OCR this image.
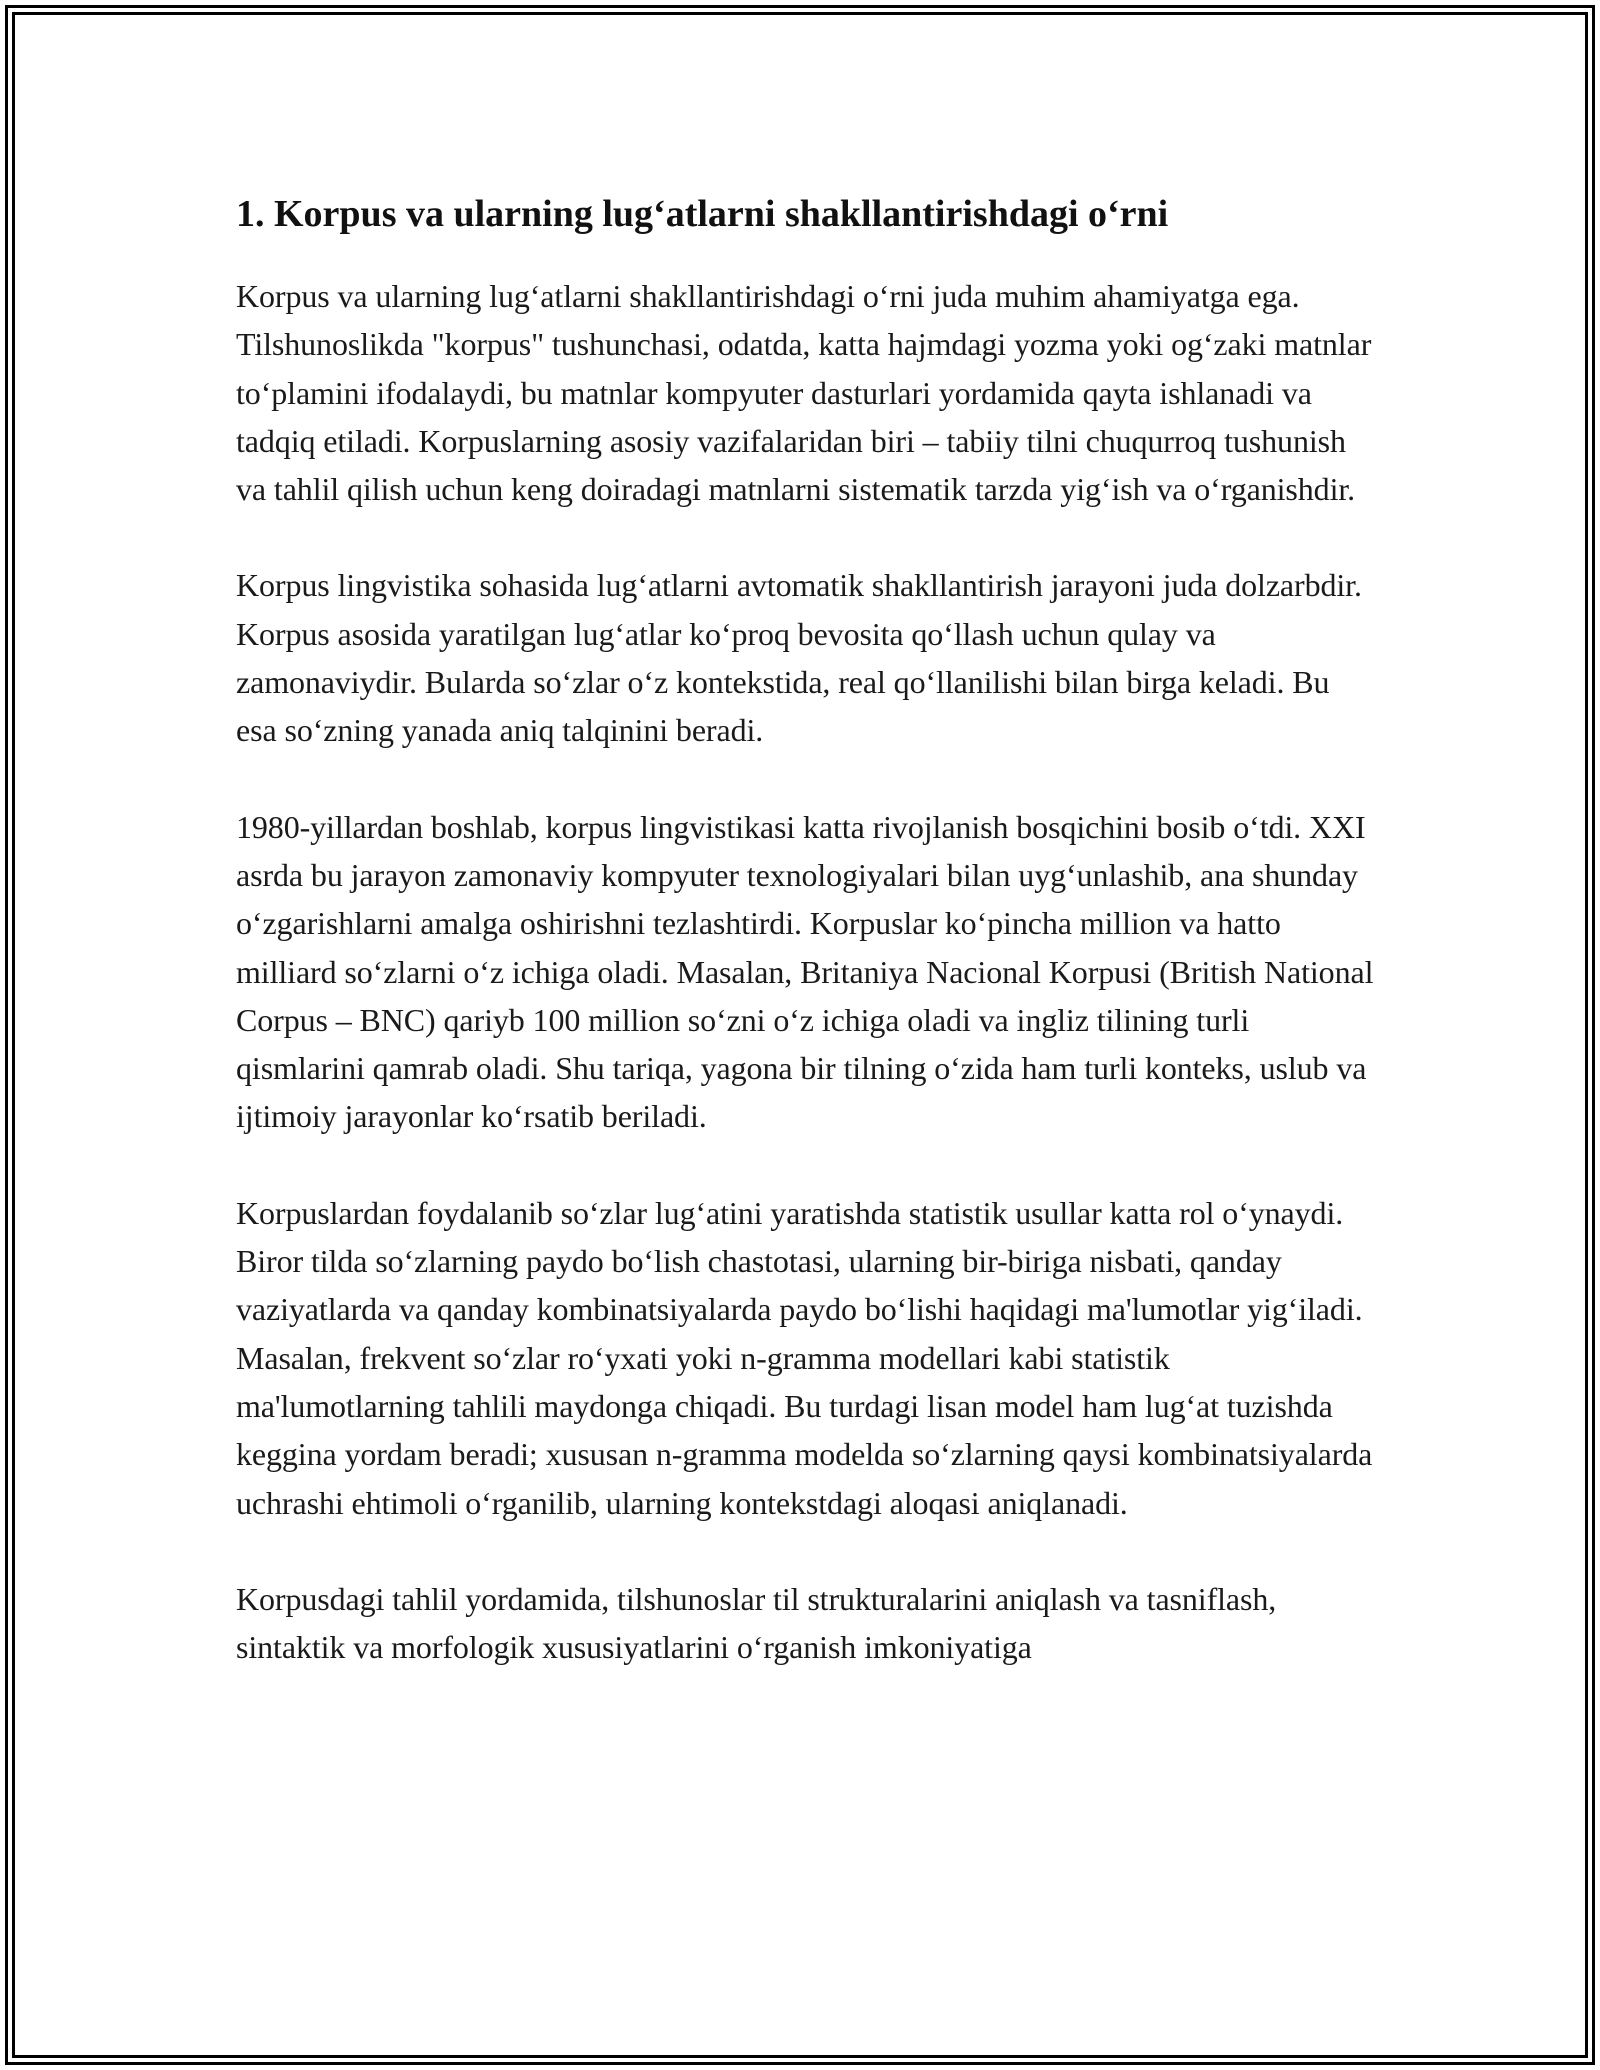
1. Korpus va ularning lug‘atlarni shakllantirishdagi o‘rni

Korpus va ularning lug‘atlarni shakllantirishdagi o‘rni juda muhim ahamiyatga ega. Tilshunoslikda "korpus" tushunchasi, odatda, katta hajmdagi yozma yoki og‘zaki matnlar to‘plamini ifodalaydi, bu matnlar kompyuter dasturlari yordamida qayta ishlanadi va tadqiq etiladi. Korpuslarning asosiy vazifalaridan biri – tabiiy tilni chuqurroq tushunish va tahlil qilish uchun keng doiradagi matnlarni sistematik tarzda yig‘ish va o‘rganishdir.

Korpus lingvistika sohasida lug‘atlarni avtomatik shakllantirish jarayoni juda dolzarbdir. Korpus asosida yaratilgan lug‘atlar ko‘proq bevosita qo‘llash uchun qulay va zamonaviydir. Bularda so‘zlar o‘z kontekstida, real qo‘llanilishi bilan birga keladi. Bu esa so‘zning yanada aniq talqinini beradi.

1980-yillardan boshlab, korpus lingvistikasi katta rivojlanish bosqichini bosib o‘tdi. XXI asrda bu jarayon zamonaviy kompyuter texnologiyalari bilan uyg‘unlashib, ana shunday o‘zgarishlarni amalga oshirishni tezlashtirdi. Korpuslar ko‘pincha million va hatto milliard so‘zlarni o‘z ichiga oladi. Masalan, Britaniya Nacional Korpusi (British National Corpus – BNC) qariyb 100 million so‘zni o‘z ichiga oladi va ingliz tilining turli qismlarini qamrab oladi. Shu tariqa, yagona bir tilning o‘zida ham turli konteks, uslub va ijtimoiy jarayonlar ko‘rsatib beriladi.

Korpuslardan foydalanib so‘zlar lug‘atini yaratishda statistik usullar katta rol o‘ynaydi. Biror tilda so‘zlarning paydo bo‘lish chastotasi, ularning bir-biriga nisbati, qanday vaziyatlarda va qanday kombinatsiyalarda paydo bo‘lishi haqidagi ma'lumotlar yig‘iladi. Masalan, frekvent so‘zlar ro‘yxati yoki n-gramma modellari kabi statistik ma'lumotlarning tahlili maydonga chiqadi. Bu turdagi lisan model ham lug‘at tuzishda keggina yordam beradi; xususan n-gramma modelda so‘zlarning qaysi kombinatsiyalarda uchrashi ehtimoli o‘rganilib, ularning kontekstdagi aloqasi aniqlanadi.

Korpusdagi tahlil yordamida, tilshunoslar til strukturalarini aniqlash va tasniflash, sintaktik va morfologik xususiyatlarini o‘rganish imkoniyatiga
